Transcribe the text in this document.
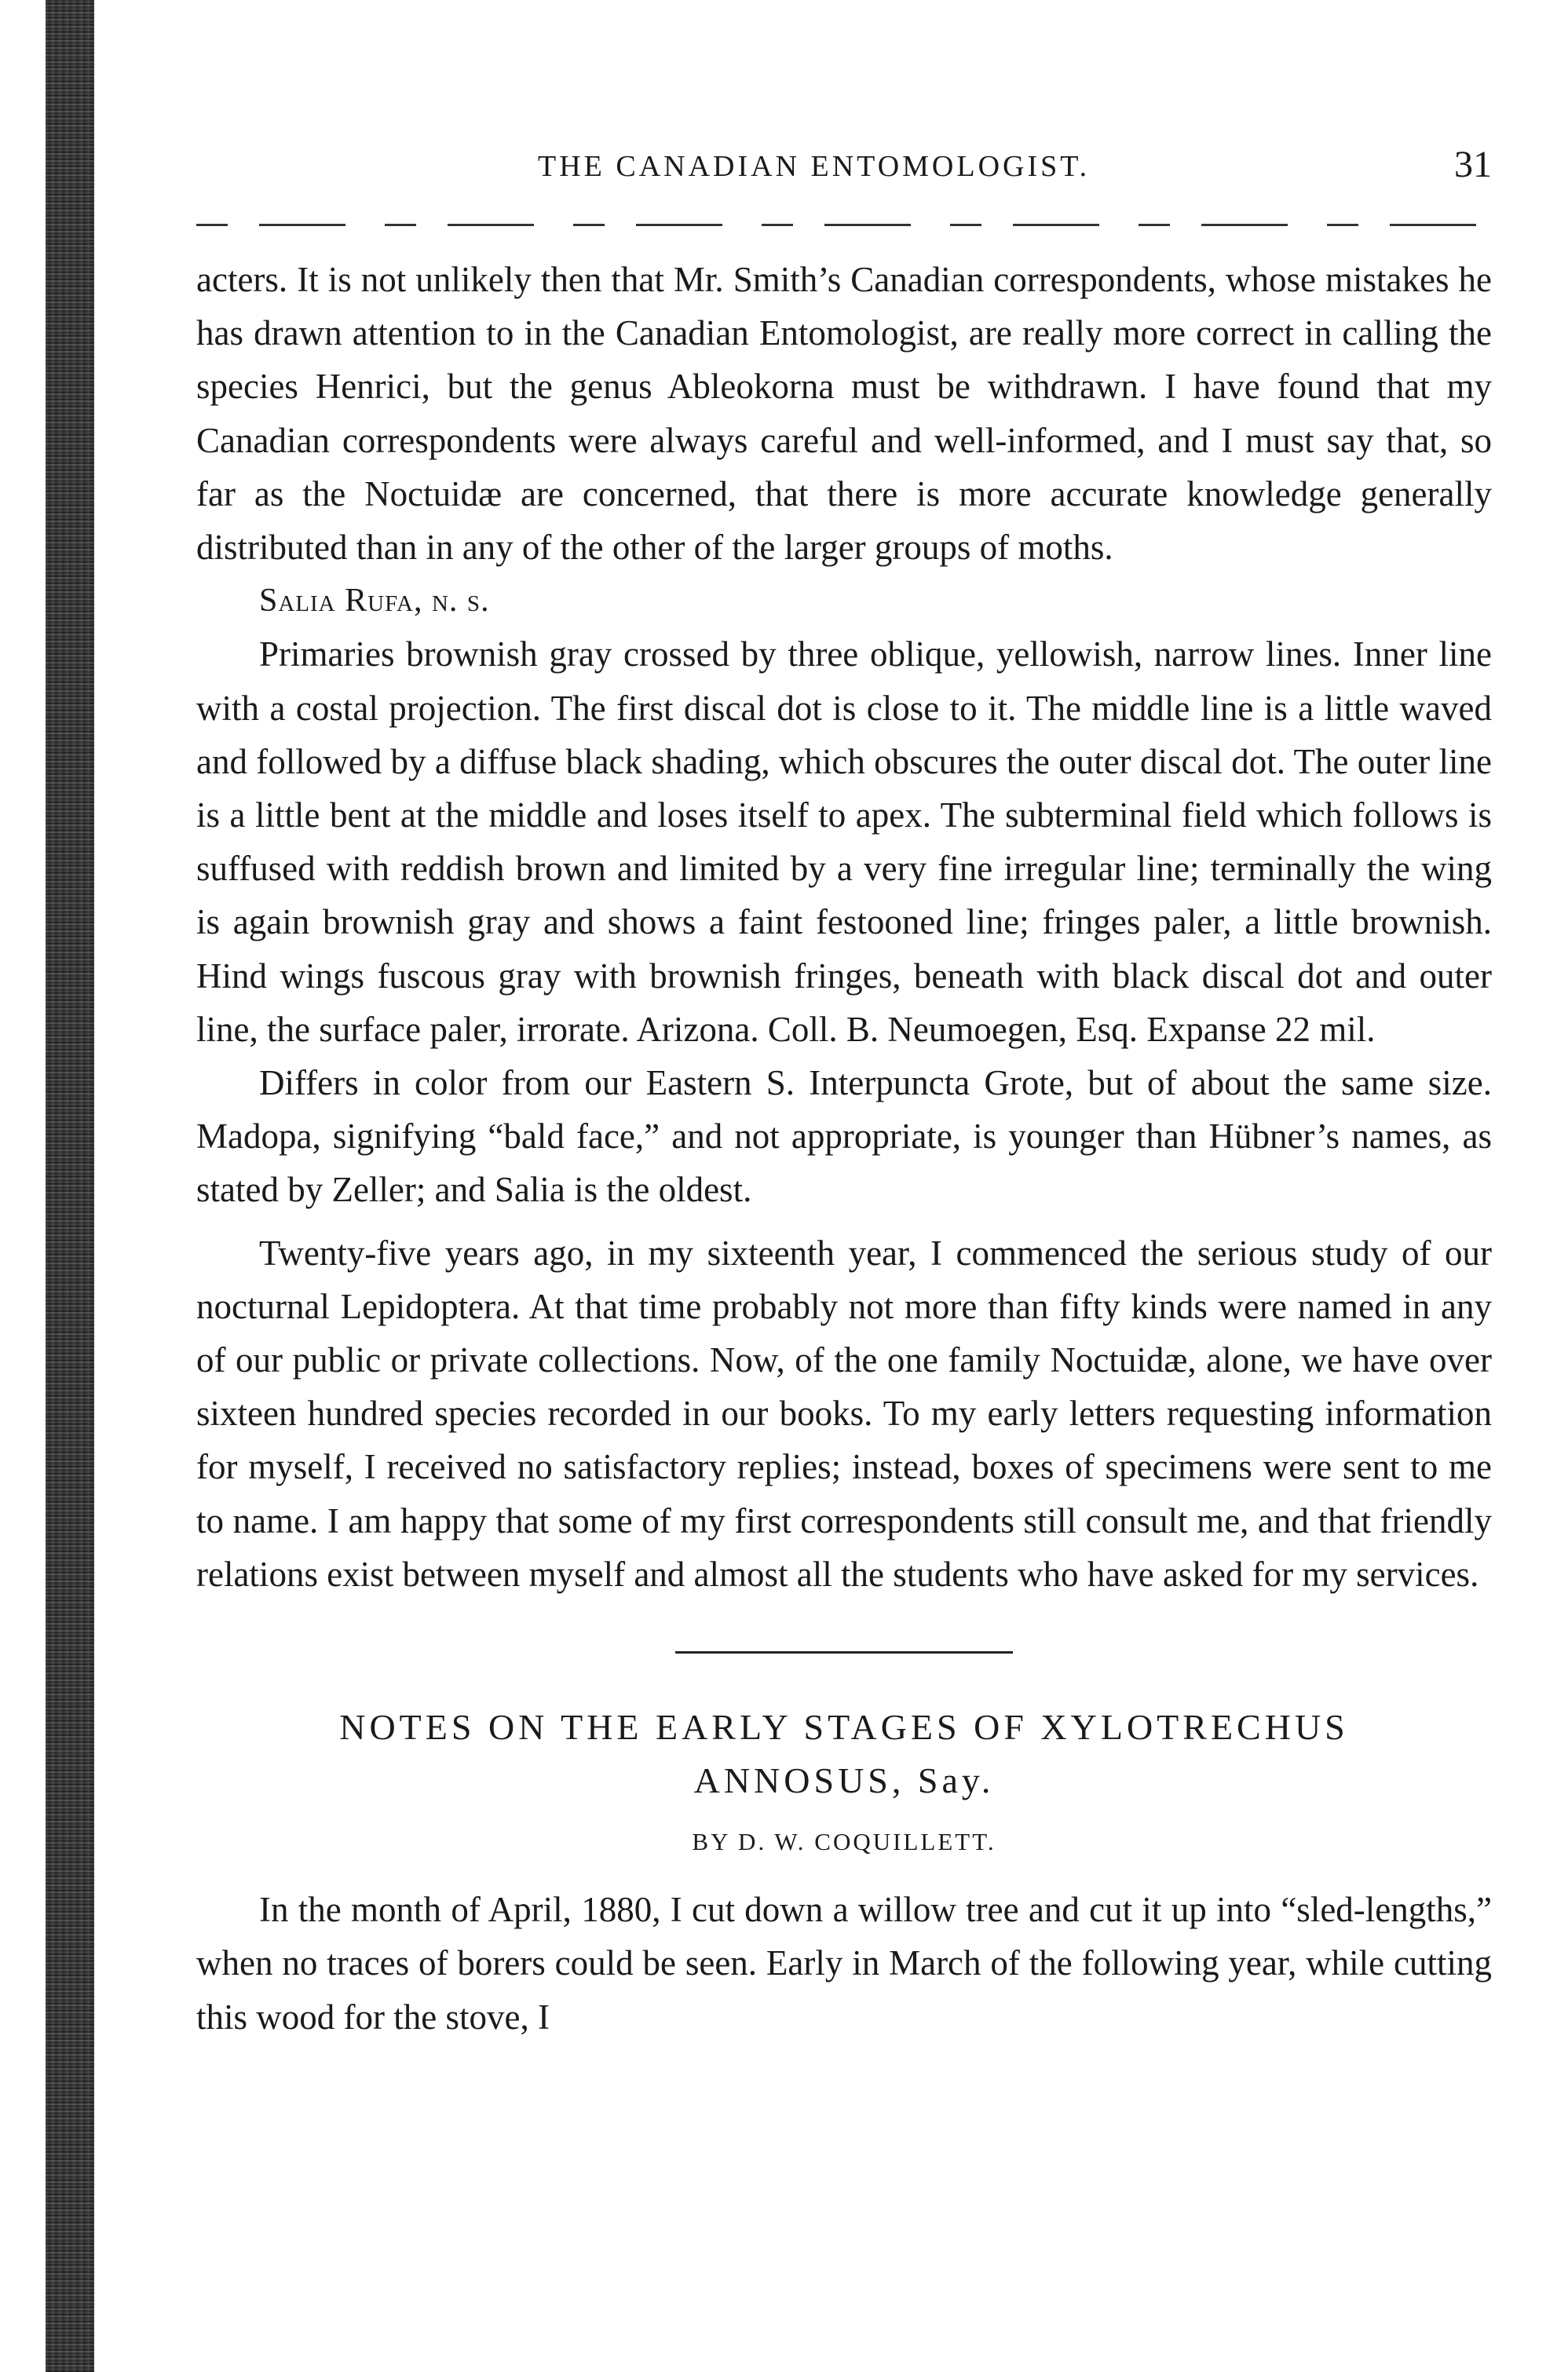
THE CANADIAN ENTOMOLOGIST.	31

acters. It is not unlikely then that Mr. Smith’s Canadian correspondents, whose mistakes he has drawn attention to in the Canadian Entomologist, are really more correct in calling the species Henrici, but the genus Ableokorna must be withdrawn. I have found that my Canadian correspondents were always careful and well-informed, and I must say that, so far as the Noctuidæ are concerned, that there is more accurate knowledge generally distributed than in any of the other of the larger groups of moths.

Salia Rufa, n. s.

Primaries brownish gray crossed by three oblique, yellowish, narrow lines. Inner line with a costal projection. The first discal dot is close to it. The middle line is a little waved and followed by a diffuse black shading, which obscures the outer discal dot. The outer line is a little bent at the middle and loses itself to apex. The subterminal field which follows is suffused with reddish brown and limited by a very fine irregular line; terminally the wing is again brownish gray and shows a faint festooned line; fringes paler, a little brownish. Hind wings fuscous gray with brownish fringes, beneath with black discal dot and outer line, the surface paler, irrorate. Arizona. Coll. B. Neumoegen, Esq. Expanse 22 mil.

Differs in color from our Eastern S. Interpuncta Grote, but of about the same size. Madopa, signifying “bald face,” and not appropriate, is younger than Hübner’s names, as stated by Zeller; and Salia is the oldest.

Twenty-five years ago, in my sixteenth year, I commenced the serious study of our nocturnal Lepidoptera. At that time probably not more than fifty kinds were named in any of our public or private collections. Now, of the one family Noctuidæ, alone, we have over sixteen hundred species recorded in our books. To my early letters requesting information for myself, I received no satisfactory replies; instead, boxes of specimens were sent to me to name. I am happy that some of my first correspondents still consult me, and that friendly relations exist between myself and almost all the students who have asked for my services.

NOTES ON THE EARLY STAGES OF XYLOTRECHUS ANNOSUS, Say.

BY D. W. COQUILLETT.

In the month of April, 1880, I cut down a willow tree and cut it up into “sled-lengths,” when no traces of borers could be seen. Early in March of the following year, while cutting this wood for the stove, I
